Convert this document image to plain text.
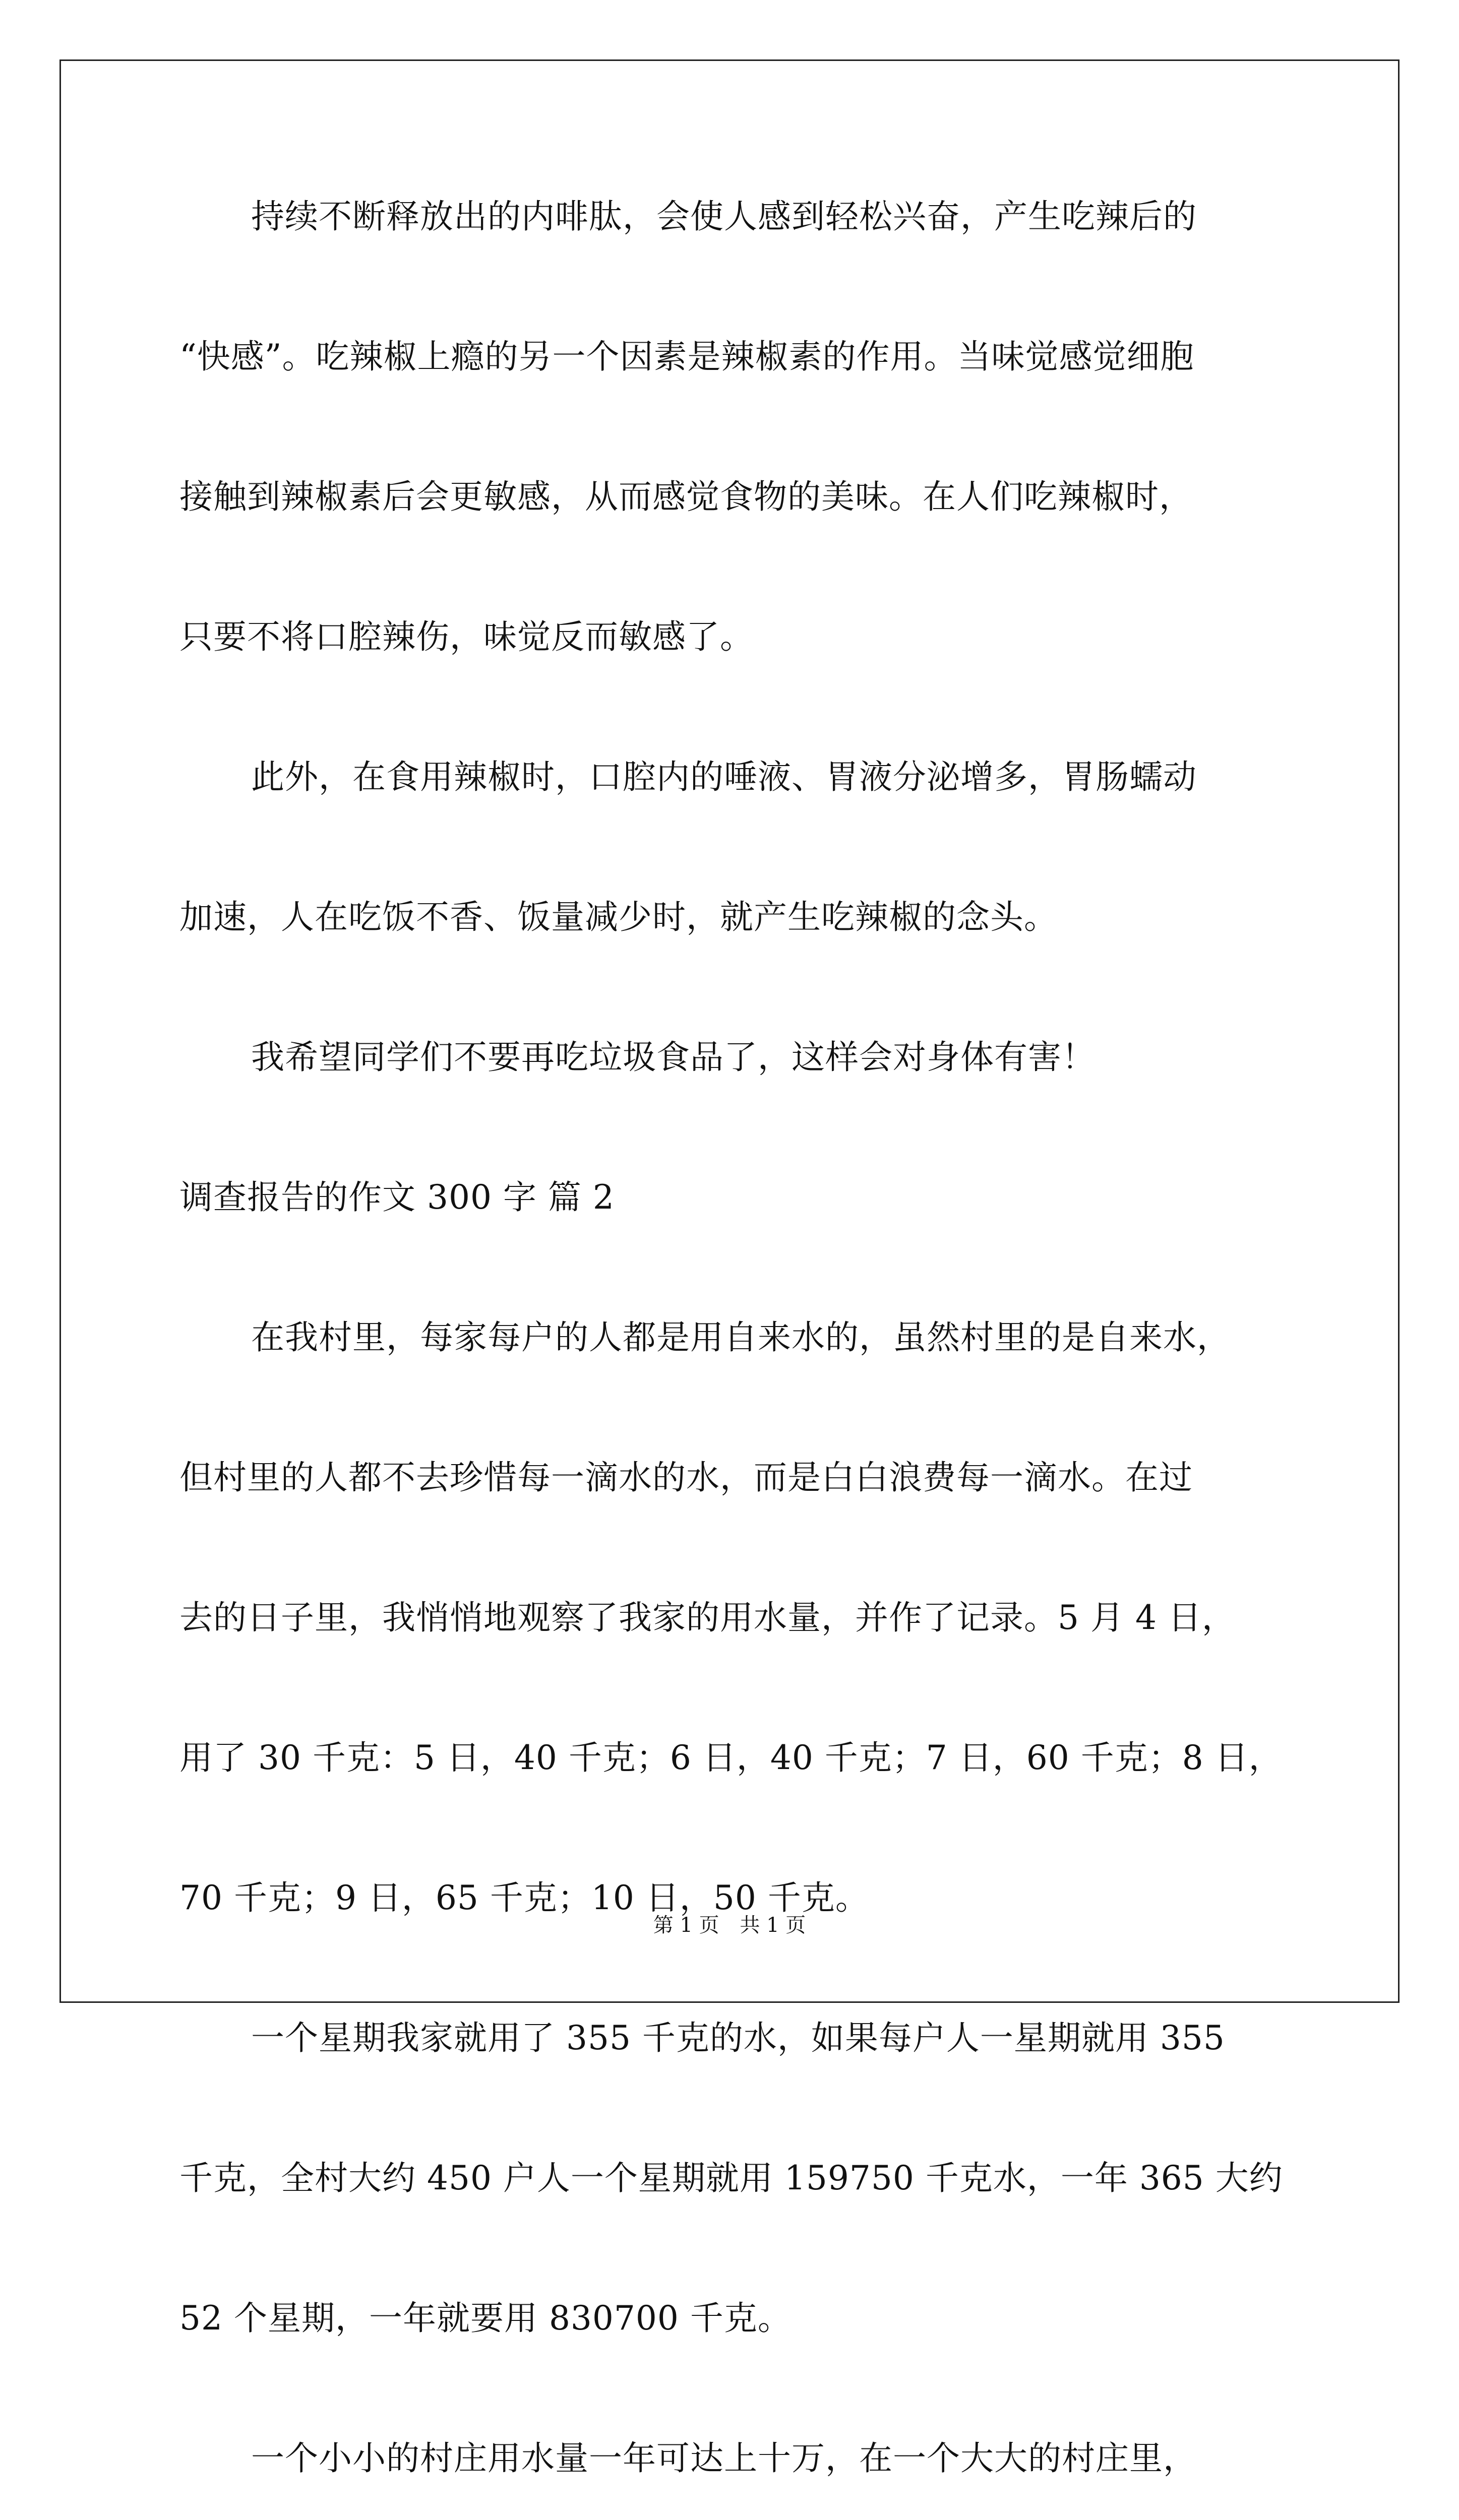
持续不断释放出的内啡肽，会使人感到轻松兴奋，产生吃辣后的
“快感”。吃辣椒上瘾的另一个因素是辣椒素的作用。当味觉感觉细胞
接触到辣椒素后会更敏感，从而感觉食物的美味。在人们吃辣椒时，
只要不将口腔辣伤，味觉反而敏感了。
此外，在食用辣椒时，口腔内的唾液、胃液分泌增多，胃肠蠕动
加速，人在吃饭不香、饭量减少时，就产生吃辣椒的念头。
我希望同学们不要再吃垃圾食品了，这样会对身体有害！
调查报告的作文 300 字 篇 2
在我村里，每家每户的人都是用自来水的，虽然村里的是自来水，
但村里的人都不去珍惜每一滴水的水，而是白白浪费每一滴水。在过
去的日子里，我悄悄地观察了我家的用水量，并作了记录。5 月 4 日，
用了 30 千克：5 日，40 千克；6 日，40 千克；7 日，60 千克；8 日，
70 千克；9 日，65 千克；10 日，50 千克。
一个星期我家就用了 355 千克的水，如果每户人一星期就用 355
千克，全村大约 450 户人一个星期就用 159750 千克水，一年 365 大约
52 个星期，一年就要用 830700 千克。
一个小小的村庄用水量一年可达上十万，在一个大大的村庄里，
第 1 页 共 1 页
